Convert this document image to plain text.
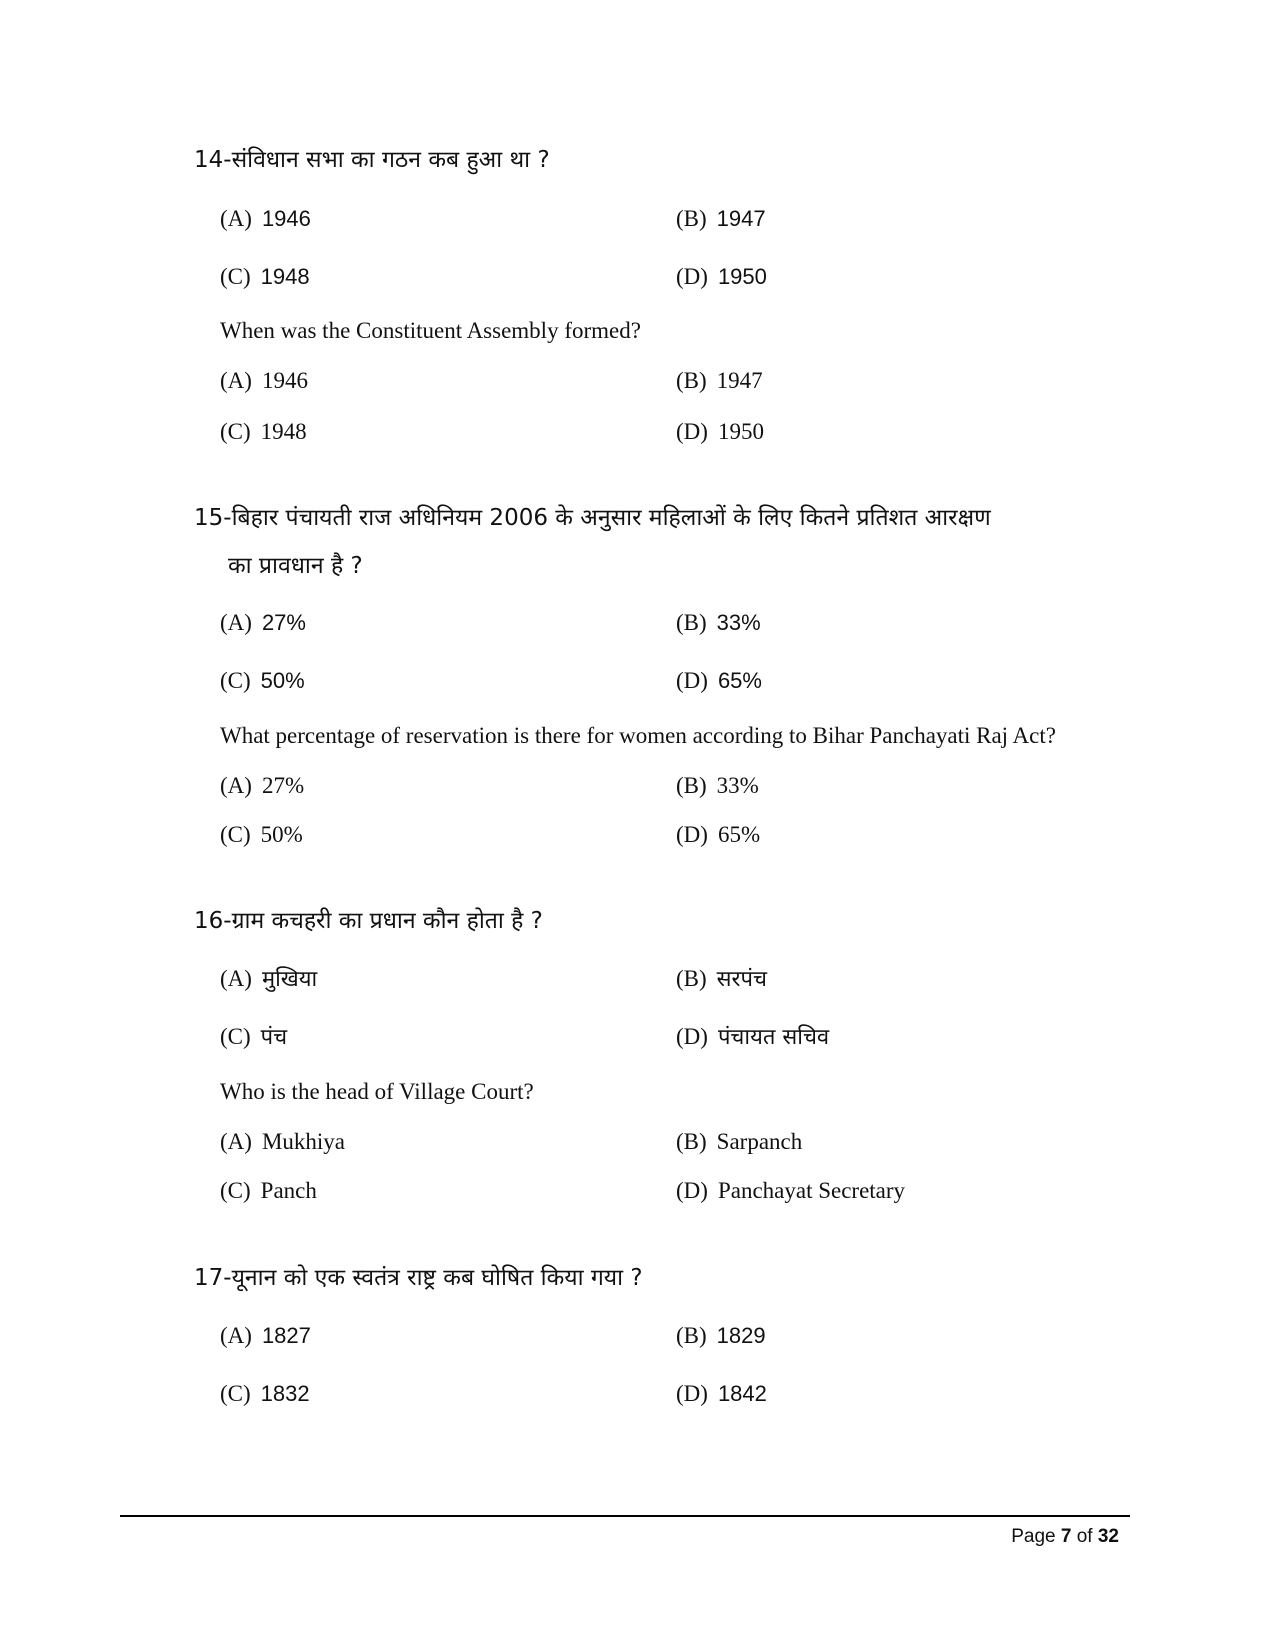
14-संविधान सभा का गठन कब हुआ था ?
(A) 1946	(B) 1947
(C) 1948	(D) 1950
When was the Constituent Assembly formed?
(A) 1946	(B) 1947
(C) 1948	(D) 1950
15-बिहार पंचायती राज अधिनियम 2006 के अनुसार महिलाओं के लिए कितने प्रतिशत आरक्षण
का प्रावधान है ?
(A) 27%	(B) 33%
(C) 50%	(D) 65%
What percentage of reservation is there for women according to Bihar Panchayati Raj Act?
(A) 27%	(B) 33%
(C) 50%	(D) 65%
16-ग्राम कचहरी का प्रधान कौन होता है ?
(A) मुखिया	(B) सरपंच
(C) पंच	(D) पंचायत सचिव
Who is the head of Village Court?
(A) Mukhiya	(B) Sarpanch
(C) Panch	(D) Panchayat Secretary
17-यूनान को एक स्वतंत्र राष्ट्र कब घोषित किया गया ?
(A) 1827	(B) 1829
(C) 1832	(D) 1842
Page 7 of 32
